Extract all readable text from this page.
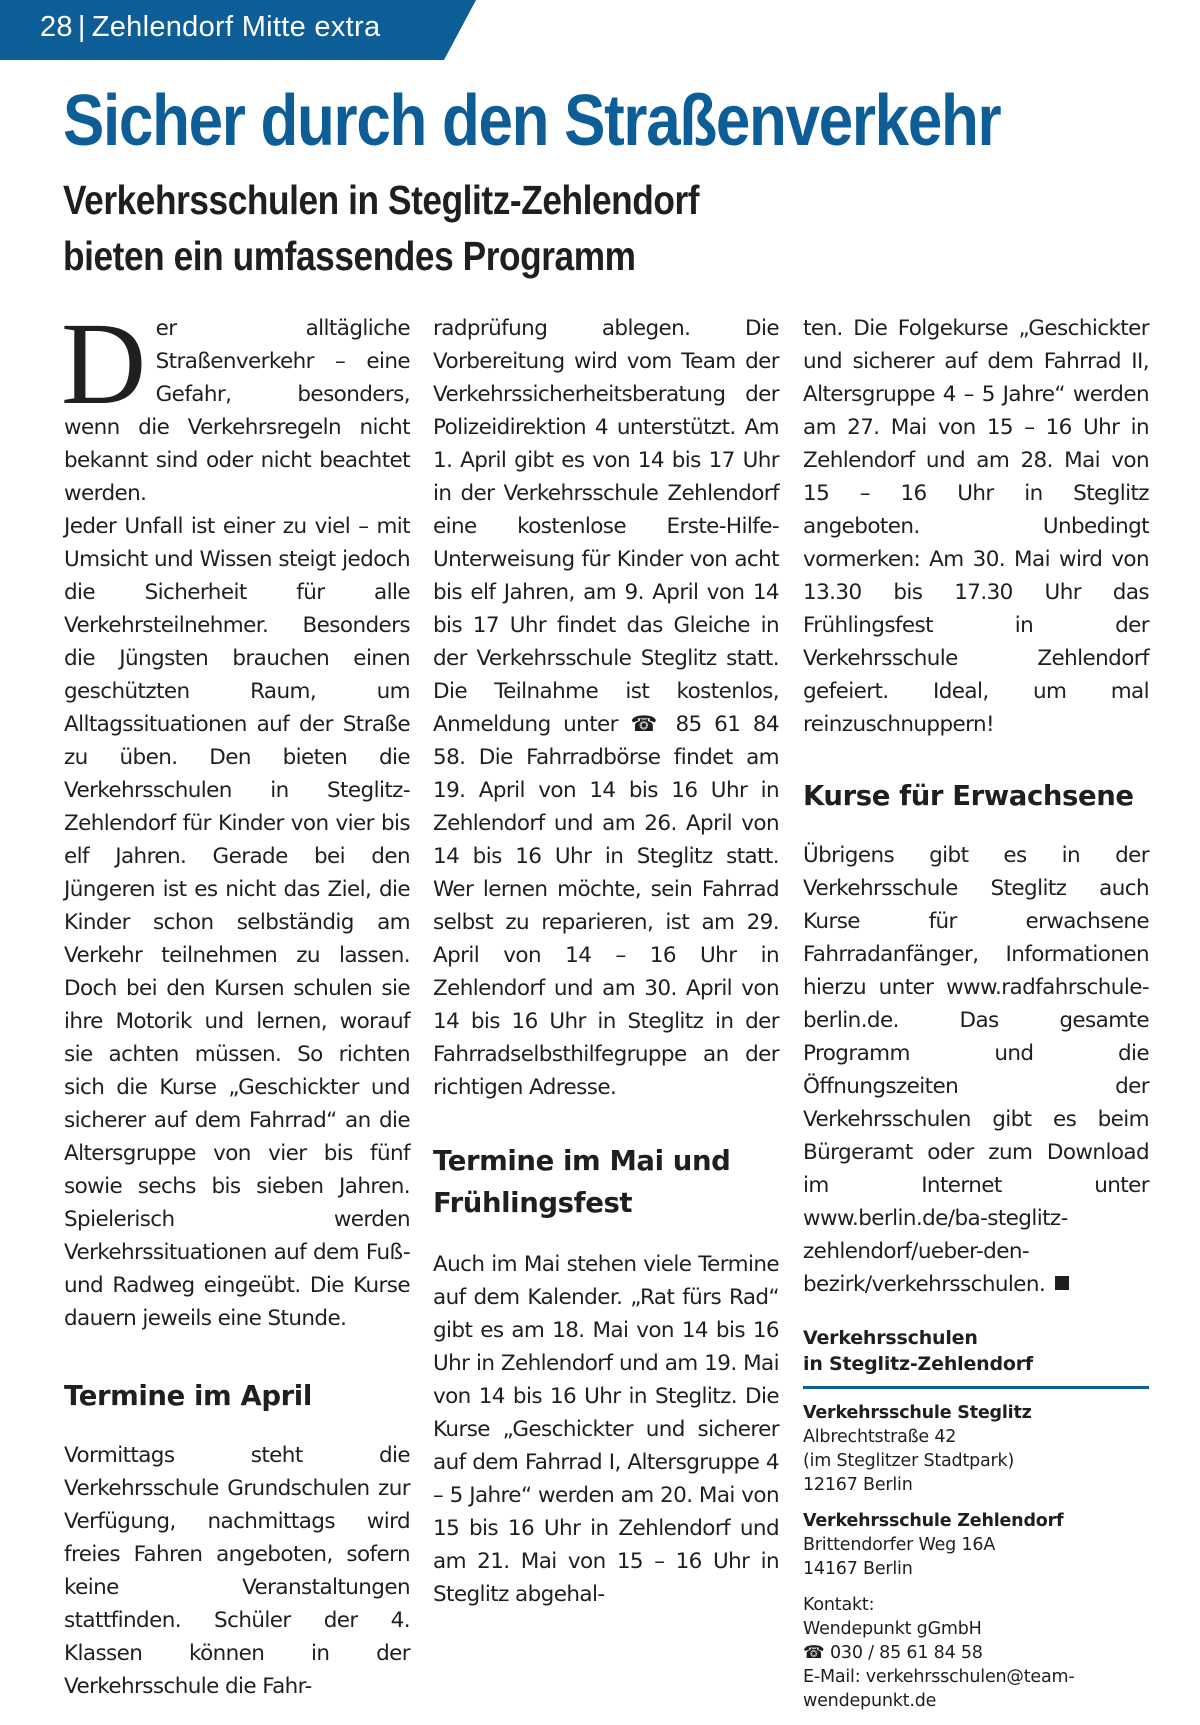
28 | Zehlendorf Mitte extra
Sicher durch den Straßenverkehr
Verkehrsschulen in Steglitz-Zehlendorf
bieten ein umfassendes Programm

Der alltägliche Straßenverkehr – eine Gefahr, besonders, wenn die Verkehrsregeln nicht bekannt sind oder nicht beachtet werden.

Jeder Unfall ist einer zu viel – mit Umsicht und Wissen steigt jedoch die Sicherheit für alle Verkehrsteilnehmer. Besonders die Jüngsten brauchen einen geschützten Raum, um Alltagssituationen auf der Straße zu üben. Den bieten die Verkehrsschulen in Steglitz-Zehlendorf für Kinder von vier bis elf Jahren. Gerade bei den Jüngeren ist es nicht das Ziel, die Kinder schon selbständig am Verkehr teilnehmen zu lassen. Doch bei den Kursen schulen sie ihre Motorik und lernen, worauf sie achten müssen. So richten sich die Kurse „Geschickter und sicherer auf dem Fahrrad“ an die Altersgruppe von vier bis fünf sowie sechs bis sieben Jahren. Spielerisch werden Verkehrssituationen auf dem Fuß- und Radweg eingeübt. Die Kurse dauern jeweils eine Stunde.

Termine im April

Vormittags steht die Verkehrsschule Grundschulen zur Verfügung, nachmittags wird freies Fahren angeboten, sofern keine Veranstaltungen stattfinden. Schüler der 4. Klassen können in der Verkehrsschule die Fahr-

radprüfung ablegen. Die Vorbereitung wird vom Team der Verkehrssicherheitsberatung der Polizeidirektion 4 unterstützt. Am 1. April gibt es von 14 bis 17 Uhr in der Verkehrsschule Zehlendorf eine kostenlose Erste-Hilfe-Unterweisung für Kinder von acht bis elf Jahren, am 9. April von 14 bis 17 Uhr findet das Gleiche in der Verkehrsschule Steglitz statt. Die Teilnahme ist kostenlos, Anmeldung unter ☎ 85 61 84 58. Die Fahrradbörse findet am 19. April von 14 bis 16 Uhr in Zehlendorf und am 26. April von 14 bis 16 Uhr in Steglitz statt. Wer lernen möchte, sein Fahrrad selbst zu reparieren, ist am 29. April von 14 – 16 Uhr in Zehlendorf und am 30. April von 14 bis 16 Uhr in Steglitz in der Fahrradselbsthilfegruppe an der richtigen Adresse.

Termine im Mai und Frühlingsfest

Auch im Mai stehen viele Termine auf dem Kalender. „Rat fürs Rad“ gibt es am 18. Mai von 14 bis 16 Uhr in Zehlendorf und am 19. Mai von 14 bis 16 Uhr in Steglitz. Die Kurse „Geschickter und sicherer auf dem Fahrrad I, Altersgruppe 4 – 5 Jahre“ werden am 20. Mai von 15 bis 16 Uhr in Zehlendorf und am 21. Mai von 15 – 16 Uhr in Steglitz abgehal-

ten. Die Folgekurse „Geschickter und sicherer auf dem Fahrrad II, Altersgruppe 4 – 5 Jahre“ werden am 27. Mai von 15 – 16 Uhr in Zehlendorf und am 28. Mai von 15 – 16 Uhr in Steglitz angeboten. Unbedingt vormerken: Am 30. Mai wird von 13.30 bis 17.30 Uhr das Frühlingsfest in der Verkehrsschule Zehlendorf gefeiert. Ideal, um mal reinzuschnuppern!

Kurse für Erwachsene

Übrigens gibt es in der Verkehrsschule Steglitz auch Kurse für erwachsene Fahrradanfänger, Informationen hierzu unter www.radfahrschule-berlin.de. Das gesamte Programm und die Öffnungszeiten der Verkehrsschulen gibt es beim Bürgeramt oder zum Download im Internet unter www.berlin.de/ba-steglitz-zehlendorf/ueber-den-bezirk/verkehrsschulen.

Verkehrsschulen
in Steglitz-Zehlendorf
Verkehrsschule Steglitz
Albrechtstraße 42
(im Steglitzer Stadtpark)
12167 Berlin
Verkehrsschule Zehlendorf
Brittendorfer Weg 16A
14167 Berlin
Kontakt:
Wendepunkt gGmbH
☎ 030 / 85 61 84 58
E-Mail: verkehrsschulen@team-
wendepunkt.de
